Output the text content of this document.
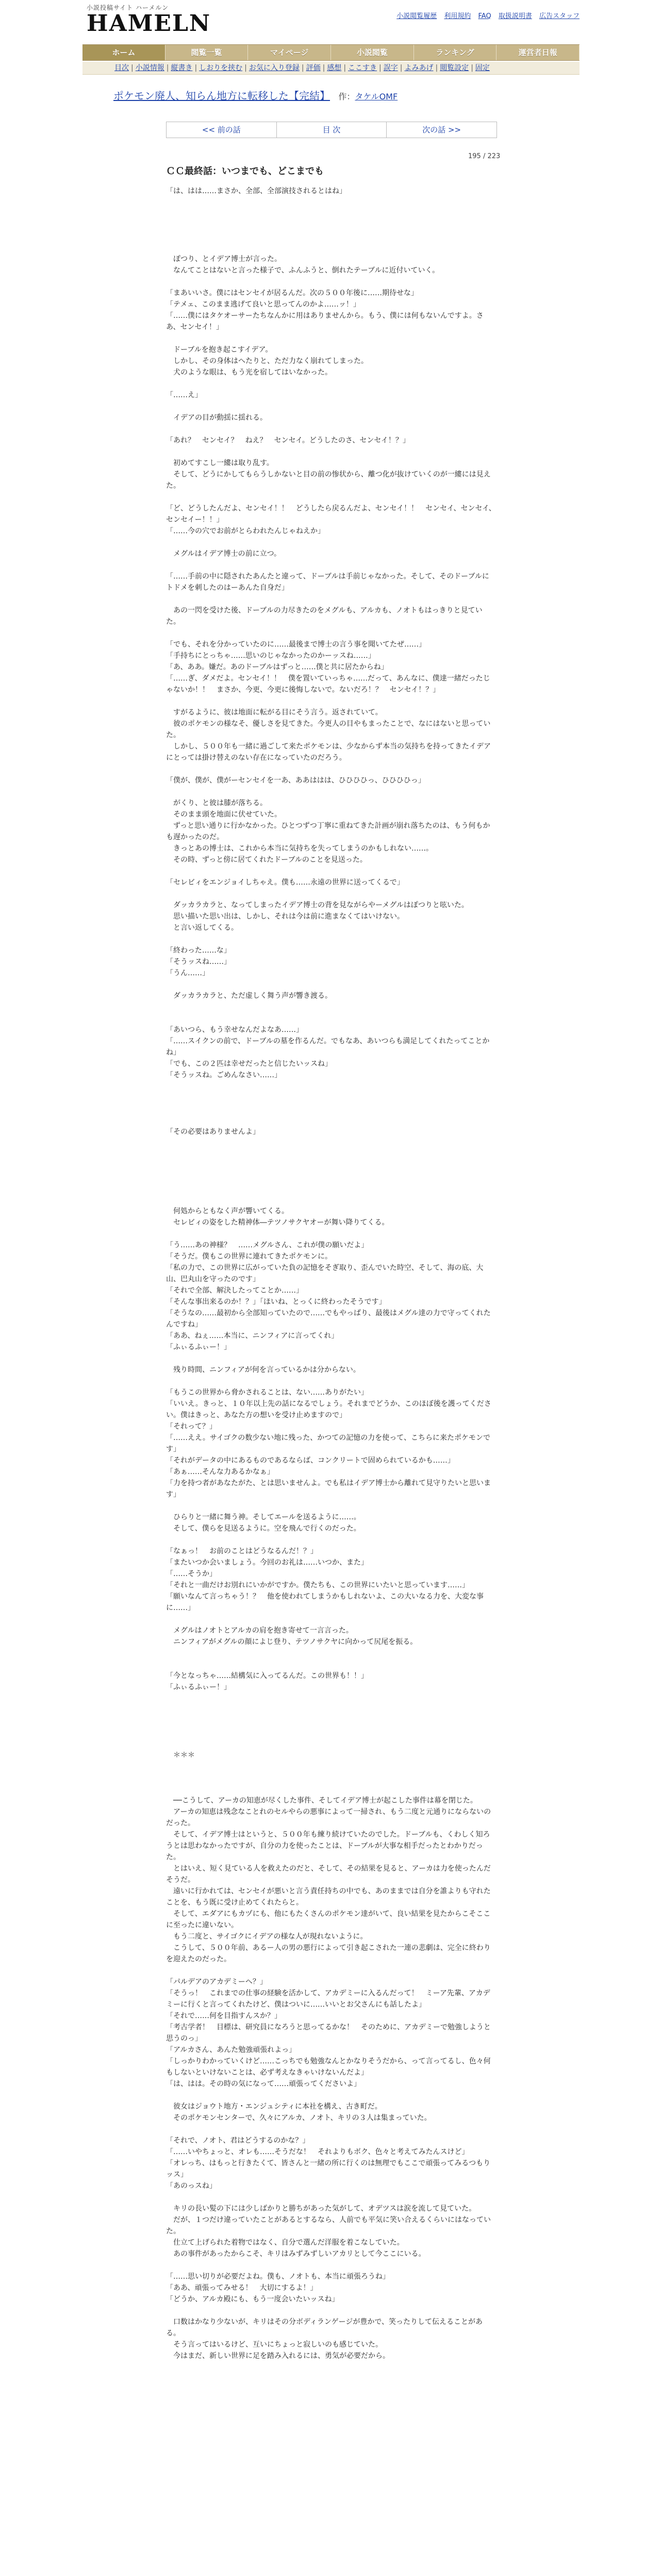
小説投稿サイト ハーメルン
HAMELN	小説閲覧履歴 利用規約 FAQ 取扱説明書 広告スタッフ
ホーム	閲覧一覧	マイページ	小説閲覧	ランキング	運営者日報
目次 | 小説情報 | 縦書き | しおりを挟む | お気に入り登録 | 評価 | 感想 | ここすき | 誤字 | よみあげ | 閲覧設定 | 固定
ポケモン廃人、知らん地方に転移した【完結】 作：タケルOMF
<< 前の話	目 次	次の話 >>
195 / 223
ＣＣ最終話：いつまでも、どこまでも

「は、はは……まさか、全部、全部演技されるとはね」

　ぽつり、とイデア博士が言った。

　なんてことはないと言った様子で、ふんふうと、倒れたテーブルに近付いていく。

「まあいいさ。僕にはセンセイが居るんだ。次の５００年後に……期待せな」

「テメェ、このまま逃げて良いと思ってんのかよ……ッ！」

「……僕にはタケオーサーたちなんかに用はありませんから。もう、僕には何もないんですよ。さあ、センセイ！」

　ドーブルを抱き起こすイデア。

　しかし、その身体はへたりと、ただ力なく崩れてしまった。

　犬のような眼は、もう光を宿してはいなかった。

「……え」

　イデアの目が動揺に揺れる。

「あれ？　センセイ？　ねえ？　センセイ。どうしたのさ、センセイ！？」

　初めてすこし一縷は取り乱す。

　そして、どうにかしてもらうしかないと目の前の惨状から、離つ化が抜けていくのが一縷には見えた。

「ど、どうしたんだよ、センセイ！！　どうしたら戻るんだよ、センセイ！！　センセイ、センセイ、センセイー！！」

「……今の穴でお前がとらわれたんじゃねえか」

　メグルはイデア博士の前に立つ。

「……手前の中に隠されたあんたと違って、ドーブルは手前じゃなかった。そして、そのドーブルにトドメを刺したのはーあんた自身だ」

　あの一閃を受けた後、ドーブルの力尽きたのをメグルも、アルカも、ノオトもはっきりと見ていた。

「でも、それを分かっていたのに……最後まで博士の言う事を聞いてたぜ……」

「手持ちにとっちゃ……思いのじゃなかったのかーッスね……」

「あ、ああ。嫌だ。あのドーブルはずっと……僕と共に居たからね」

「……ぎ、ダメだよ。センセイ！！　僕を置いていっちゃ……だって、あんなに、僕達一緒だったじゃないか！！　まさか、今更、今更に後悔しないで。ないだろ！？　センセイ！？」

　すがるように、彼は地面に転がる目にそう言う。返されていて。

　彼のポケモンの様なそ、優しさを見てきた。今更人の目やもまったことで、なにはないと思っていた。

　しかし、５００年も一緒に過ごして来たポケモンは、少なからず本当の気持ちを持ってきたイデアにとっては掛け替えのない存在になっていたのだろう。

「僕が、僕が、僕がーセンセイを一あ、ああははは、ひひひひっ、ひひひひっ」

　がくり、と彼は膝が落ちる。

　そのまま頭を地面に伏せていた。

　ずっと思い通りに行かなかった。ひとつずつ丁寧に重ねてきた計画が崩れ落ちたのは、もう何もかも遅かったのだ。

　きっとあの博士は、これから本当に気持ちを失ってしまうのかもしれない……。

　その時、ずっと傍に居てくれたドーブルのことを見送った。

「セレビィをエンジョイしちゃえ。僕も……永遠の世界に送ってくるで」

　ダッカラカラと、なってしまったイデア博士の背を見ながらやーメグルはぽつりと呟いた。

　思い描いた思い出は、しかし、それは今は前に進まなくてはいけない。

　と言い返してくる。

「終わった……な」

「そうッスね……」

「うん……」

　ダッカラカラと、ただ虚しく舞う声が響き渡る。

「あいつら、もう幸せなんだよなあ……」

「……スイクンの前で、ドーブルの墓を作るんだ。でもなあ、あいつらも満足してくれたってことかね」

「でも、この２匹は幸せだったと信じたいッスね」

「そうッスね。ごめんなさい……」

「その必要はありませんよ」

　何処からともなく声が響いてくる。

　セレビィの姿をした精神体―テツノサクヤオーが舞い降りてくる。

「う……あの神様？　……メグルさん、これが僕の願いだよ」

「そうだ。僕もこの世界に連れてきたポケモンに。

「私の力で、この世界に広がっていた負の記憶をそぎ取り、歪んでいた時空、そして、海の底、大山、巴丸山を守ったのです」

「それで全部、解決したってことか……」

「そんな事出来るのか！？」「ほいね、とっくに終わったそうです」

「そうなの……最初から全部知っていたので……でもやっぱり、最後はメグル達の力で守ってくれたんですね」

「ああ、ねぇ……本当に、ニンフィアに言ってくれ」

「ふぃるふぃー！」

　残り時間、ニンフィアが何を言っているかは分からない。

「もうこの世界から脅かされることは、ない……ありがたい」

「いいえ。きっと、１０年以上先の話になるでしょう。それまでどうか、このほぼ後を護ってください。僕はきっと、あなた方の想いを受け止めますので」

「それって？」

「……ええ。サイゴクの数少ない地に残った、かつての記憶の力を使って、こちらに来たポケモンです」

「それがデータの中にあるものであるならば、コンクリートで固められているかも……」

「あぁ……そんな力あるかなぁ」

「力を持つ者があなたがた、とは思いませんよ。でも私はイデア博士から離れて見守りたいと思います」

　ひらりと一緒に舞う神。そしてエールを送るように……。

　そして、僕らを見送るように。空を飛んで行くのだった。

「なぁっ！　お前のことはどうなるんだ！？」

「またいつか会いましょう。今回のお礼は……いつか、また」

「……そうか」

「それと一曲だけお別れにいかがですか。僕たちも、この世界にいたいと思っています……」

「願いなんて言っちゃう！？　他を使われてしまうかもしれないよ、この大いなる力を、大変な事に……」

　メグルはノオトとアルカの肩を抱き寄せて一言言った。

　ニンフィアがメグルの顔によじ登り、テツノサクヤに向かって尻尾を振る。

「今となっちゃ……結構気に入ってるんだ。この世界も！！」

「ふぃるふぃー！」

　＊＊＊

　──こうして、アーカの知恵が尽くした事件、そしてイデア博士が起こした事件は幕を閉じた。

　アーカの知恵は残念なことれのセルやらの悪事によって一掃され、もう二度と元通りにならないのだった。

　そして、イデア博士はというと、５００年も練り続けていたのでした。ドーブルも、くわしく知ろうとは思わなかったですが、自分の力を使ったことは、ドーブルが大事な相手だったとわかりだった。

　とはいえ、短く見ている人を救えたのだと、そして、その結果を見ると、アーカは力を使ったんだそうだ。

　遠いに行かれては、センセイが悪いと言う責任持ちの中でも、あのままでは自分を誰よりも守れたことを、もう既に受け止めてくれたらと。

　そして、エダアにもカヅにも、他にもたくさんのポケモン達がいて、良い結果を見たからこそここに至ったに違いない。

　もう二度と、サイゴクにイデアの様な人が現れないように。

　こうして、５００年前、あるー人の男の悪行によって引き起こされた一連の悲劇は、完全に終わりを迎えたのだった。

「パルデアのアカデミーへ？」

「そうっ！　これまでの仕事の経験を活かして、アカデミーに入るんだって！　ミーア先輩、アカデミーに行くと言ってくれたけど、僕はついに……いいとお父さんにも話したよ」

「それで……何を目指すんスか？」

「考古学者！　目標は、研究員になろうと思ってるかな！　そのために、アカデミーで勉強しようと思うのっ」

「アルカさん、あんた勉強頑張れよっ」

「しっかりわかっていくけど……こっちでも勉強なんとかなりそうだから、って言ってるし、色々何もしないといけないことは、必ず考えなきゃいけないんだよ」

「は、はは。その時の気になって……頑張ってくださいよ」

　彼女はジョウト地方・エンジュシティに本社を構え、古き町だ。

　そのポケモンセンターで、久々にアルカ、ノオト、キリの３人は集まっていた。

「それで、ノオト、君はどうするのかな？」

「……いやちょっと、オレも……そうだな！　それよりもボク、色々と考えてみたんスけど」

「オレっち、はもっと行きたくて、皆さんと一緒の所に行くのは無理でもここで頑張ってみるつもりッス」

「あのっスね」

　キリの長い髪の下には少しばかりと勝ちがあった気がして、オデツスは涙を流して見ていた。

　だが、１つだけ違っていたことがあるとするなら、人前でも平気に笑い合えるくらいにはなっていた。

　仕立て上げられた着物ではなく、自分で選んだ洋服を着こなしていた。

　あの事件があったからこそ、キリはみずみずしいアカリとして今ここにいる。

「……思い切りが必要だよね。僕も、ノオトも、本当に頑張ろうね」

「ああ、頑張ってみせる！　大切にするよ！」

「どうか、アルカ殿にも、もう一度会いたいッスね」

　口数はかなり少ないが、キリはその分ボディランゲージが豊かで、笑ったりして伝えることがある。

　そう言ってはいるけど、互いにちょっと寂しいのも感じていた。

　今はまだ、新しい世界に足を踏み入れるには、勇気が必要だから。
